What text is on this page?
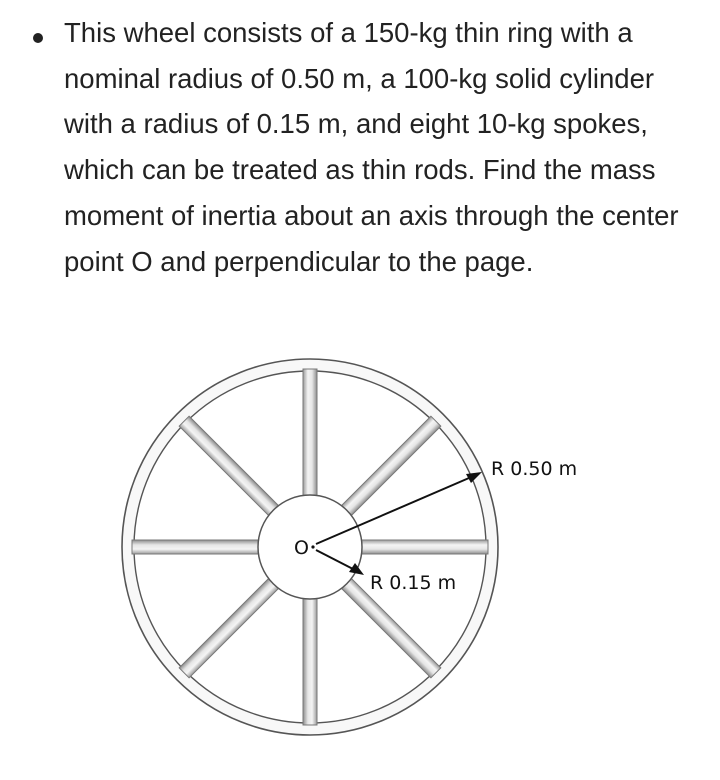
This wheel consists of a 150-kg thin ring with a nominal radius of 0.50 m, a 100-kg solid cylinder with a radius of 0.15 m, and eight 10-kg spokes, which can be treated as thin rods. Find the mass moment of inertia about an axis through the center point O and perpendicular to the page.

O
R 0.50 m
R 0.15 m
